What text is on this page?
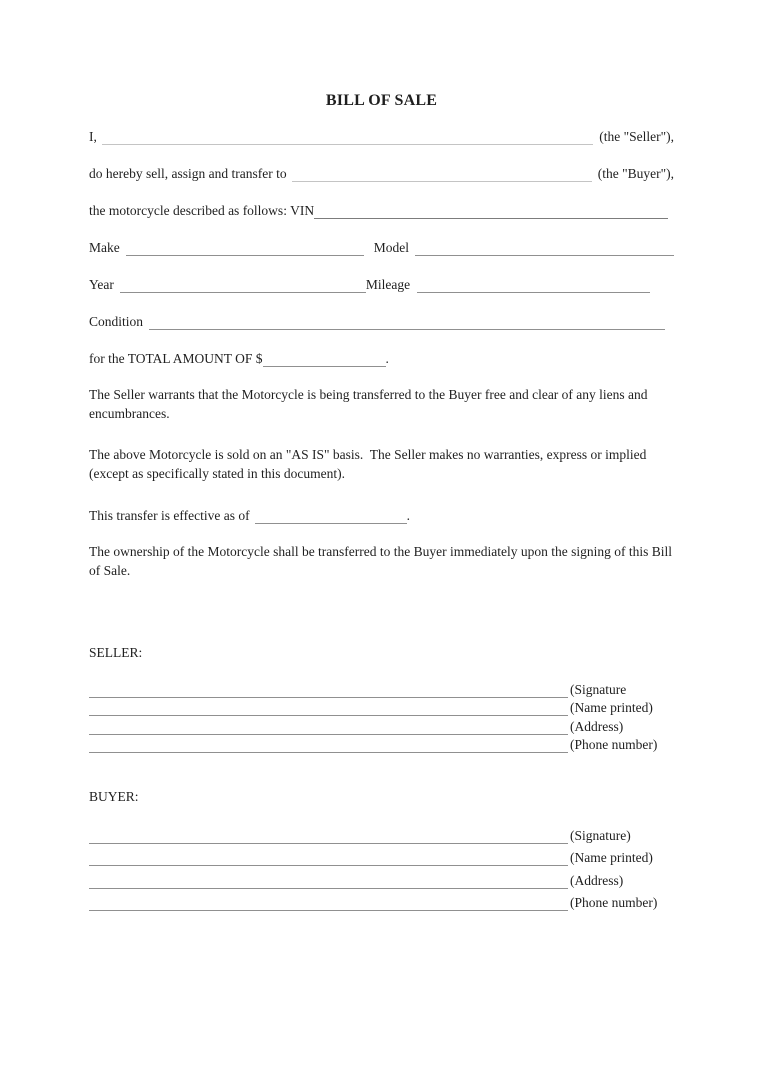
BILL OF SALE
I,	(the "Seller"),
do hereby sell, assign and transfer to	(the "Buyer"),
the motorcycle described as follows: VIN
Make	Model
Year	Mileage
Condition
for the TOTAL AMOUNT OF $	.

The Seller warrants that the Motorcycle is being transferred to the Buyer free and clear of any liens and encumbrances.

The above Motorcycle is sold on an "AS IS" basis.  The Seller makes no warranties, express or implied (except as specifically stated in this document).

This transfer is effective as of	.

The ownership of the Motorcycle shall be transferred to the Buyer immediately upon the signing of this Bill of Sale.

SELLER:

(Signature
(Name printed)
(Address)
(Phone number)

BUYER:

(Signature)
(Name printed)
(Address)
(Phone number)
